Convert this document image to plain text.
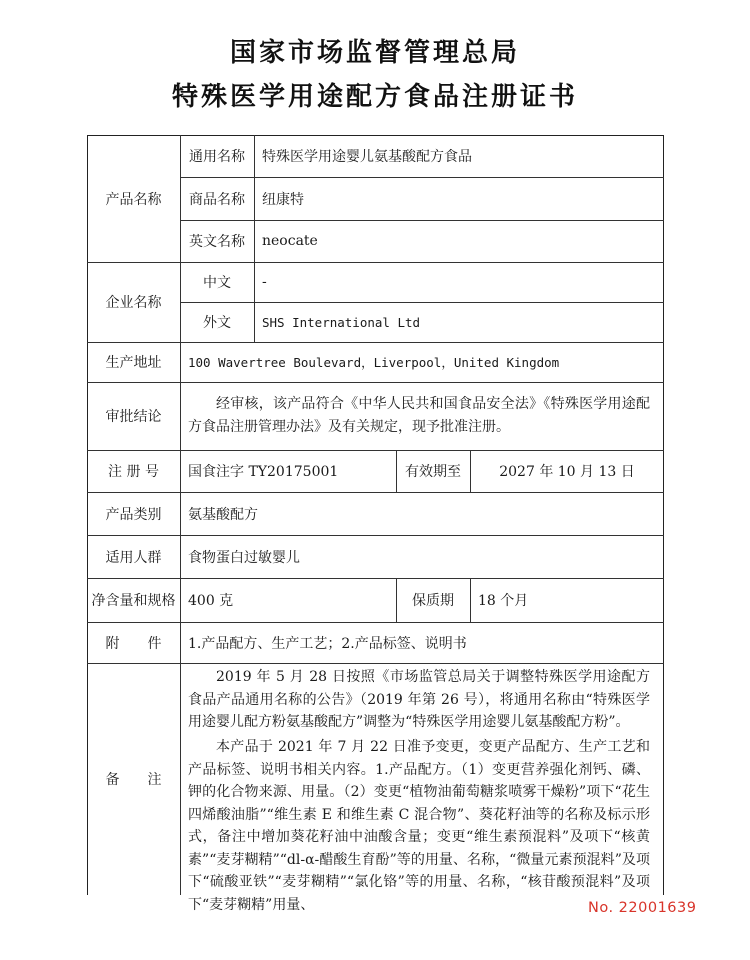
国家市场监督管理总局
特殊医学用途配方食品注册证书
产品名称
通用名称	特殊医学用途婴儿氨基酸配方食品
商品名称	纽康特
英文名称	neocate
企业名称
中文	-
外文	SHS International Ltd
生产地址	100 Wavertree Boulevard，Liverpool，United Kingdom
审批结论
经审核，该产品符合《中华人民共和国食品安全法》《特殊医学用途配方食品注册管理办法》及有关规定，现予批准注册。
注 册 号	国食注字 TY20175001	有效期至	2027 年 10 月 13 日
产品类别	氨基酸配方
适用人群	食物蛋白过敏婴儿
净含量和规格 400 克	保质期	18 个月
附　　件	1.产品配方、生产工艺；2.产品标签、说明书
备　　注
2019 年 5 月 28 日按照《市场监管总局关于调整特殊医学用途配方食品产品通用名称的公告》（2019 年第 26 号），将通用名称由“特殊医学用途婴儿配方粉氨基酸配方”调整为“特殊医学用途婴儿氨基酸配方粉”。
本产品于 2021 年 7 月 22 日准予变更，变更产品配方、生产工艺和产品标签、说明书相关内容。1.产品配方。（1）变更营养强化剂钙、磷、钾的化合物来源、用量。（2）变更“植物油葡萄糖浆喷雾干燥粉”项下“花生四烯酸油脂”“维生素 E 和维生素 C 混合物”、葵花籽油等的名称及标示形式，备注中增加葵花籽油中油酸含量；变更“维生素预混料”及项下“核黄素”“麦芽糊精”“dl-α-醋酸生育酚”等的用量、名称，“微量元素预混料”及项下“硫酸亚铁”“麦芽糊精”“氯化铬”等的用量、名称，“核苷酸预混料”及项下“麦芽糊精”用量、	No. 22001639
